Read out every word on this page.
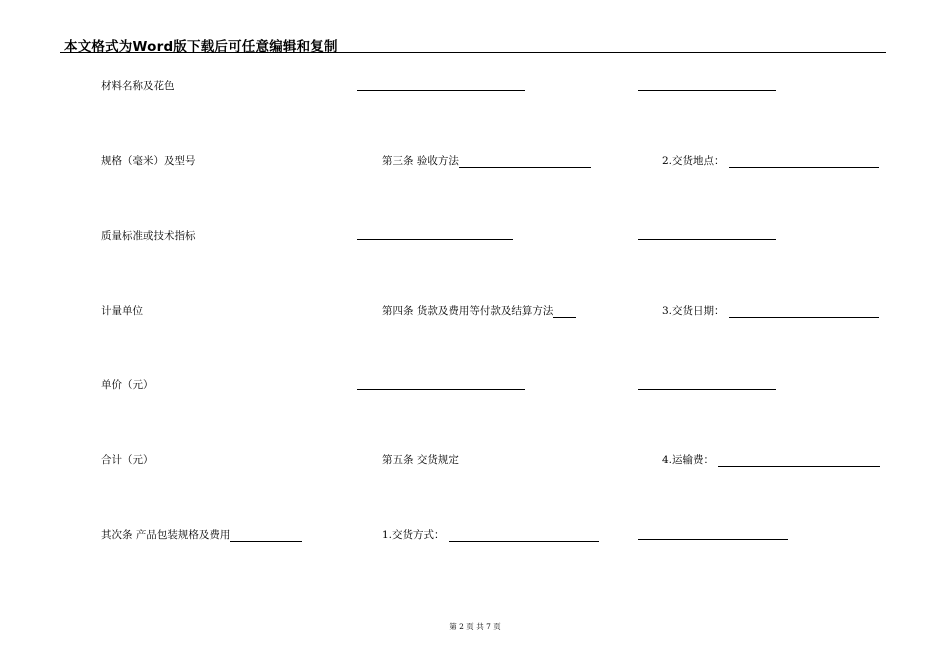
本文格式为Word版下载后可任意编辑和复制
材料名称及花色
规格（毫米）及型号	第三条 验收方法	2.交货地点：
质量标准或技术指标
计量单位	第四条 货款及费用等付款及结算方法	3.交货日期：
单价（元）
合计（元）	第五条 交货规定	4.运输费：
其次条 产品包装规格及费用	1.交货方式：
第 2 页 共 7 页
